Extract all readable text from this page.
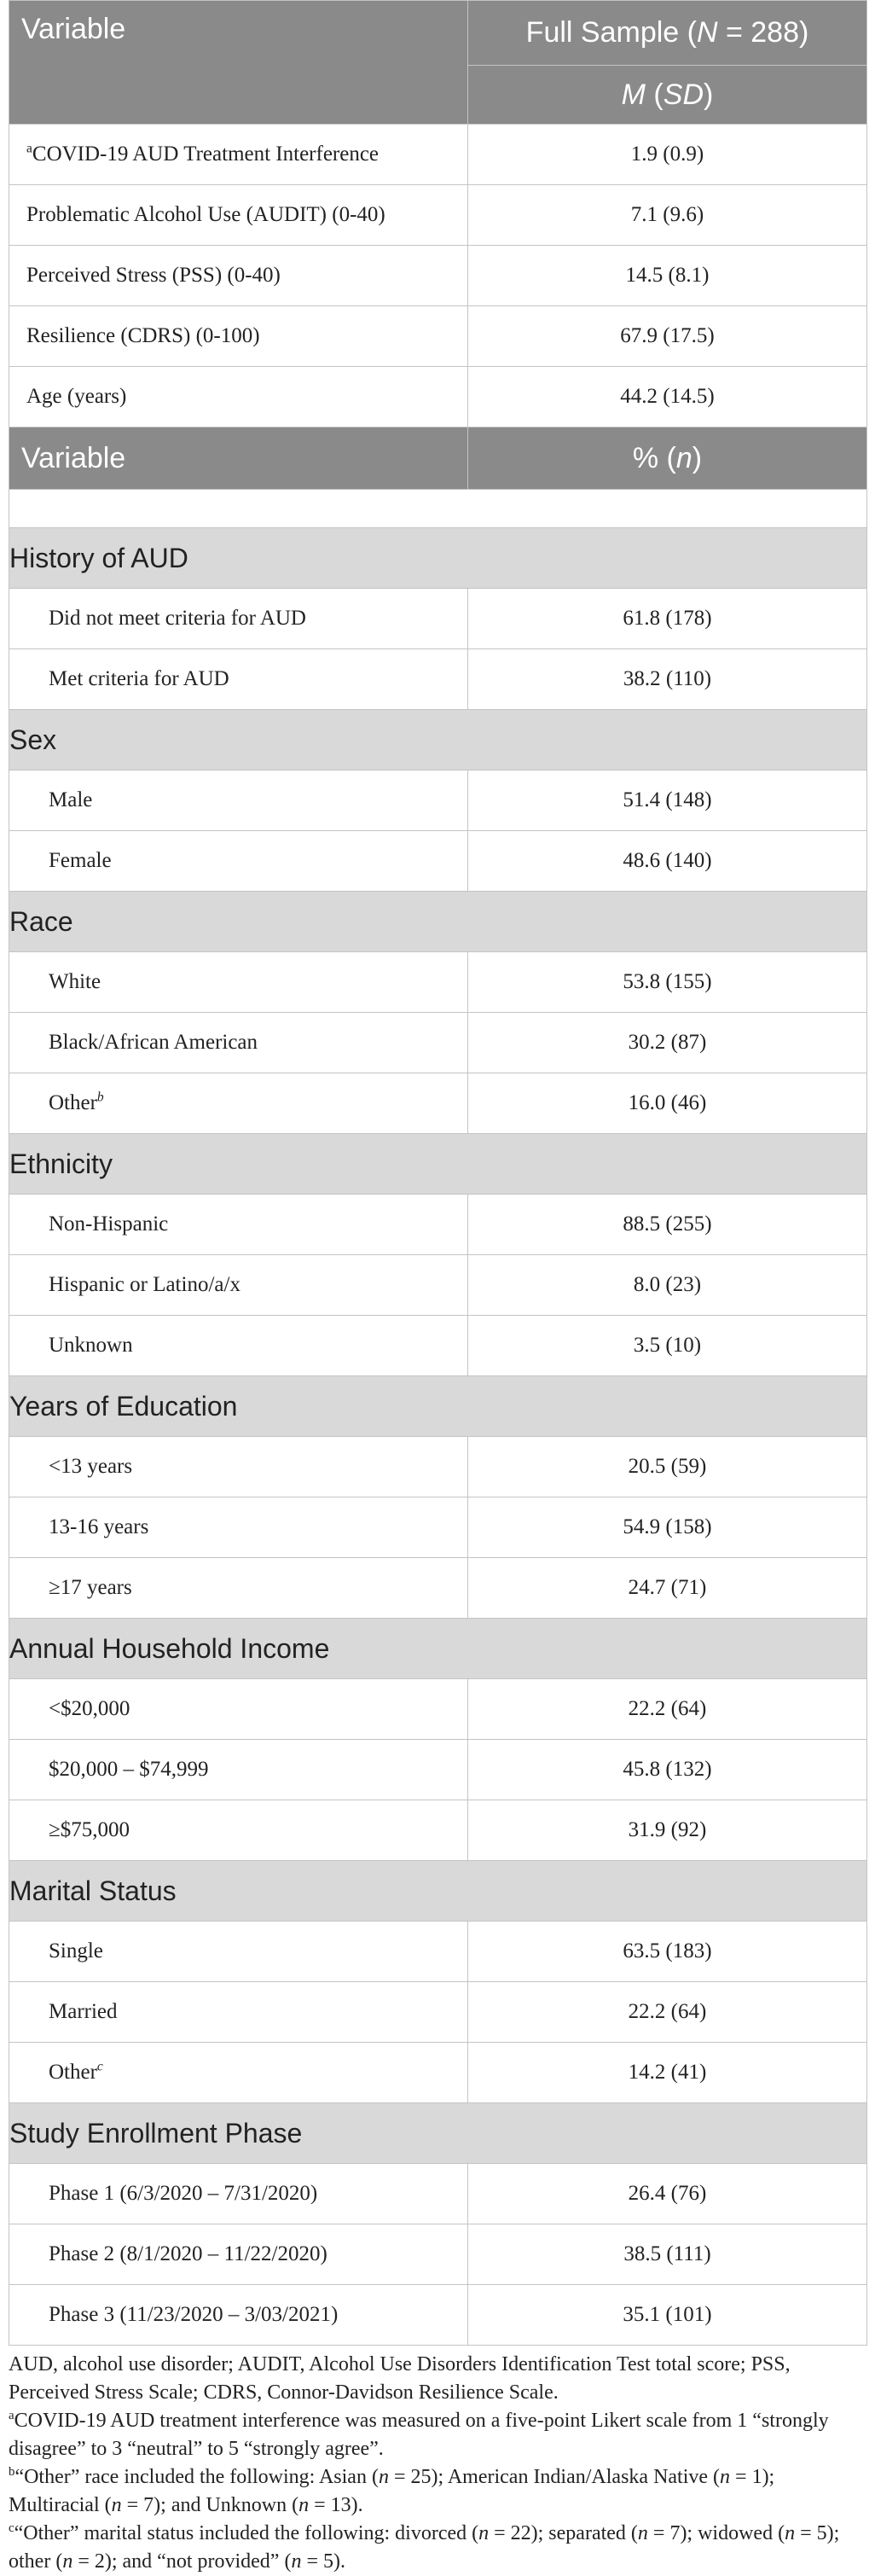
Variable	Full Sample (N = 288)
	M (SD)
$^a$COVID-19 AUD Treatment Interference	1.9 (0.9)
Problematic Alcohol Use (AUDIT) (0-40)	7.1 (9.6)
Perceived Stress (PSS) (0-40)	14.5 (8.1)
Resilience (CDRS) (0-100)	67.9 (17.5)
Age (years)	44.2 (14.5)
Variable	% (n)

History of AUD	
Did not meet criteria for AUD	61.8 (178)
Met criteria for AUD	38.2 (110)
Sex	
Male	51.4 (148)
Female	48.6 (140)
Race	
White	53.8 (155)
Black/African American	30.2 (87)
Other$^b$	16.0 (46)
Ethnicity	
Non-Hispanic	88.5 (255)
Hispanic or Latino/a/x	8.0 (23)
Unknown	3.5 (10)
Years of Education	
<13 years	20.5 (59)
13-16 years	54.9 (158)
≥17 years	24.7 (71)
Annual Household Income	
<$20,000	22.2 (64)
$20,000 – $74,999	45.8 (132)
≥$75,000	31.9 (92)
Marital Status	
Single	63.5 (183)
Married	22.2 (64)
Other$^c$	14.2 (41)
Study Enrollment Phase	
Phase 1 (6/3/2020 – 7/31/2020)	26.4 (76)
Phase 2 (8/1/2020 – 11/22/2020)	38.5 (111)
Phase 3 (11/23/2020 – 3/03/2021)	35.1 (101)

AUD, alcohol use disorder; AUDIT, Alcohol Use Disorders Identification Test total score; PSS, Perceived Stress Scale; CDRS, Connor-Davidson Resilience Scale.

$^a$COVID-19 AUD treatment interference was measured on a five-point Likert scale from 1 “strongly disagree” to 3 “neutral” to 5 “strongly agree”.

$^b$“Other” race included the following: Asian (n = 25); American Indian/Alaska Native (n = 1); Multiracial (n = 7); and Unknown (n = 13).

$^c$“Other” marital status included the following: divorced (n = 22); separated (n = 7); widowed (n = 5); other (n = 2); and “not provided” (n = 5).
